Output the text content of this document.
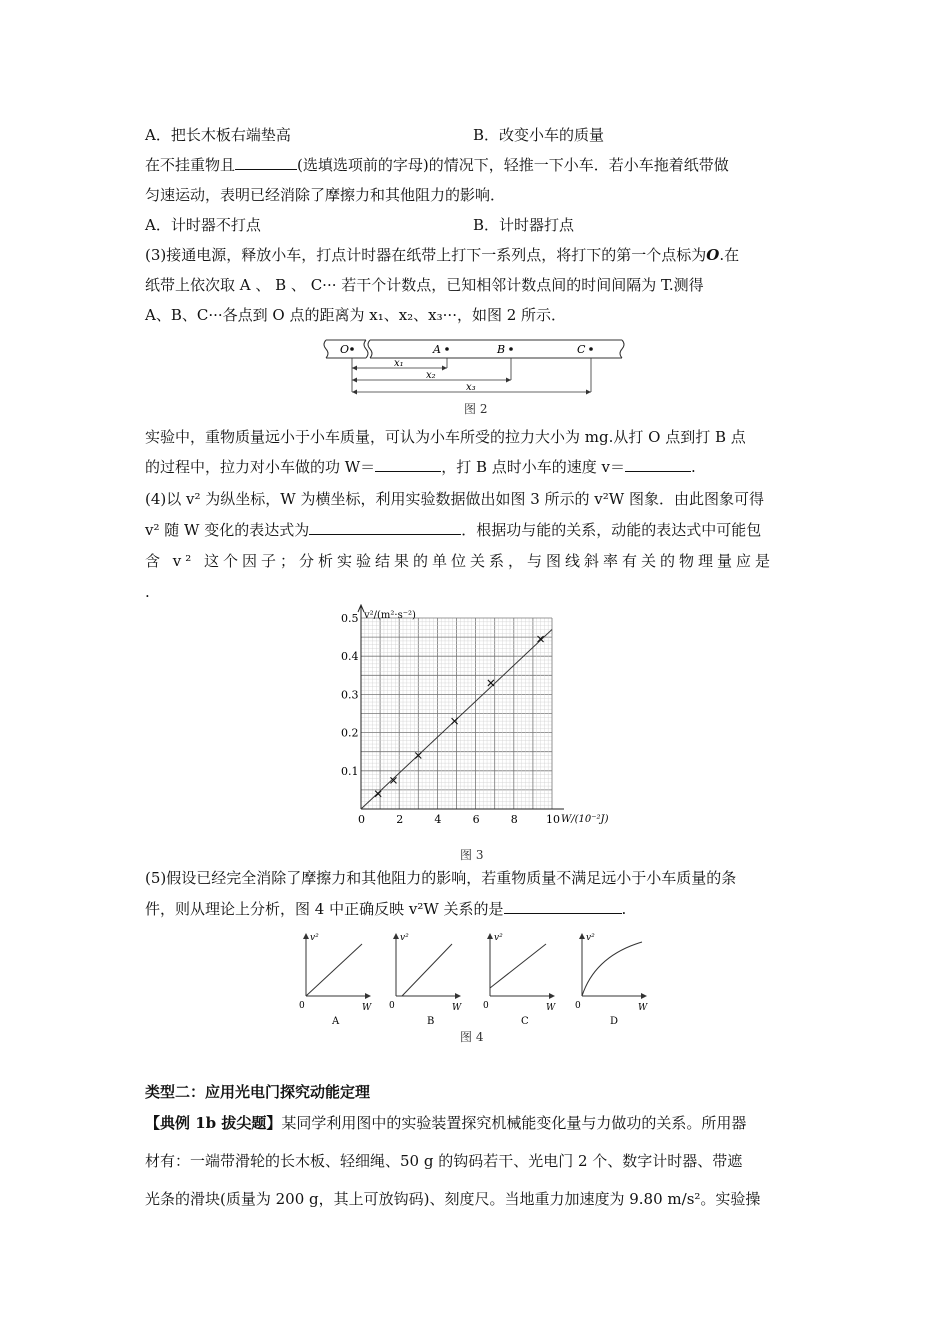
A．把长木板右端垫高	B．改变小车的质量
在不挂重物且	(选填选项前的字母)的情况下，轻推一下小车．若小车拖着纸带做
匀速运动，表明已经消除了摩擦力和其他阻力的影响．
A．计时器不打点	B．计时器打点
(3)接通电源，释放小车，打点计时器在纸带上打下一系列点，将打下的第一个点标为O.在
纸带上依次取 A 、 B 、 C··· 若干个计数点，已知相邻计数点间的时间间隔为 T.测得
A、B、C···各点到 O 点的距离为 x₁、x₂、x₃···，如图 2 所示．
O	A	B	C
x₁
x₂
x₃
图 2
实验中，重物质量远小于小车质量，可认为小车所受的拉力大小为 mg.从打 O 点到打 B 点
的过程中，拉力对小车做的功 W＝	，打 B 点时小车的速度 v＝	.
(4)以 v² 为纵坐标，W 为横坐标，利用实验数据做出如图 3 所示的 v²W 图象．由此图象可得
v² 随 W 变化的表达式为	．根据功与能的关系，动能的表达式中可能包
含 v² 这个因子；分析实验结果的单位关系，与图线斜率有关的物理量应是
.
0	2	4	6	8	10
0.1
0.2
0.3
0.4
0.5 v²/(m²·s⁻²)
W/(10⁻²J)
图 3
(5)假设已经完全消除了摩擦力和其他阻力的影响，若重物质量不满足远小于小车质量的条
件，则从理论上分析，图 4 中正确反映 v²W 关系的是	.
v²
W
0
A
v²
W
0
B
v²
W
0
C
v²
W
0
D
图 4
类型二：应用光电门探究动能定理
【典例 1b 拔尖题】某同学利用图中的实验装置探究机械能变化量与力做功的关系。所用器
材有：一端带滑轮的长木板、轻细绳、50 g 的钩码若干、光电门 2 个、数字计时器、带遮
光条的滑块(质量为 200 g，其上可放钩码)、刻度尺。当地重力加速度为 9.80 m/s²。实验操
